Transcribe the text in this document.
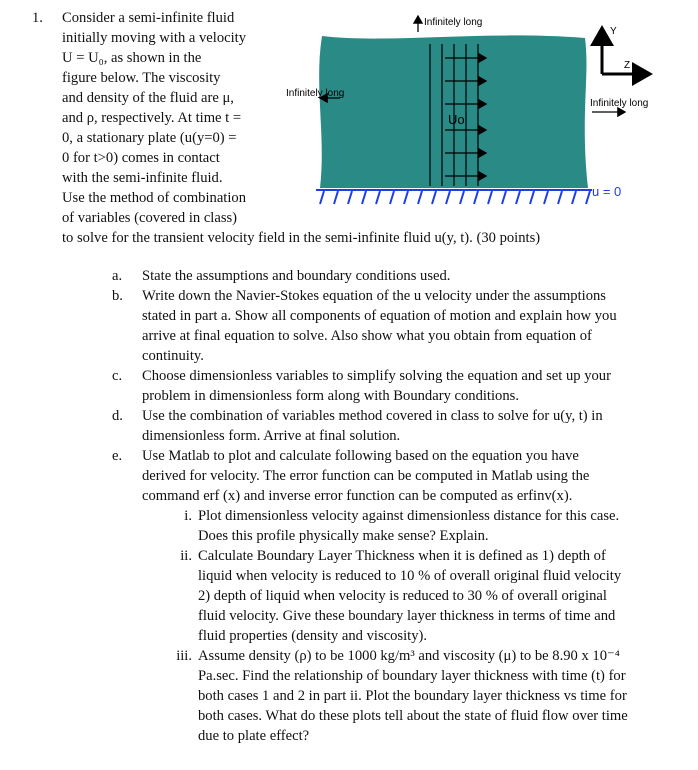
1. Consider a semi-infinite fluid
initially moving with a velocity
U = U₀, as shown in the
figure below. The viscosity
and density of the fluid are μ,
and ρ, respectively. At time t =
0, a stationary plate (u(y=0) =
0 for t>0) comes in contact
with the semi-infinite fluid.
Use the method of combination
of variables (covered in class)
to solve for the transient velocity field in the semi-infinite fluid u(y, t). (30 points)
Infinitely long
Infinitely long
Infinitely long
Uo
u = 0
Y
Z
a.	State the assumptions and boundary conditions used.
b.	Write down the Navier-Stokes equation of the u velocity under the assumptions
stated in part a. Show all components of equation of motion and explain how you
arrive at final equation to solve. Also show what you obtain from equation of
continuity.
c.	Choose dimensionless variables to simplify solving the equation and set up your
problem in dimensionless form along with Boundary conditions.
d.	Use the combination of variables method covered in class to solve for u(y, t) in
dimensionless form. Arrive at final solution.
e.	Use Matlab to plot and calculate following based on the equation you have
derived for velocity. The error function can be computed in Matlab using the
command erf (x) and inverse error function can be computed as erfinv(x).
i. Plot dimensionless velocity against dimensionless distance for this case.
Does this profile physically make sense? Explain.
ii. Calculate Boundary Layer Thickness when it is defined as 1) depth of
liquid when velocity is reduced to 10 % of overall original fluid velocity
2) depth of liquid when velocity is reduced to 30 % of overall original
fluid velocity. Give these boundary layer thickness in terms of time and
fluid properties (density and viscosity).
iii. Assume density (ρ) to be 1000 kg/m³ and viscosity (μ) to be 8.90 x 10⁻⁴
Pa.sec. Find the relationship of boundary layer thickness with time (t) for
both cases 1 and 2 in part ii. Plot the boundary layer thickness vs time for
both cases. What do these plots tell about the state of fluid flow over time
due to plate effect?
